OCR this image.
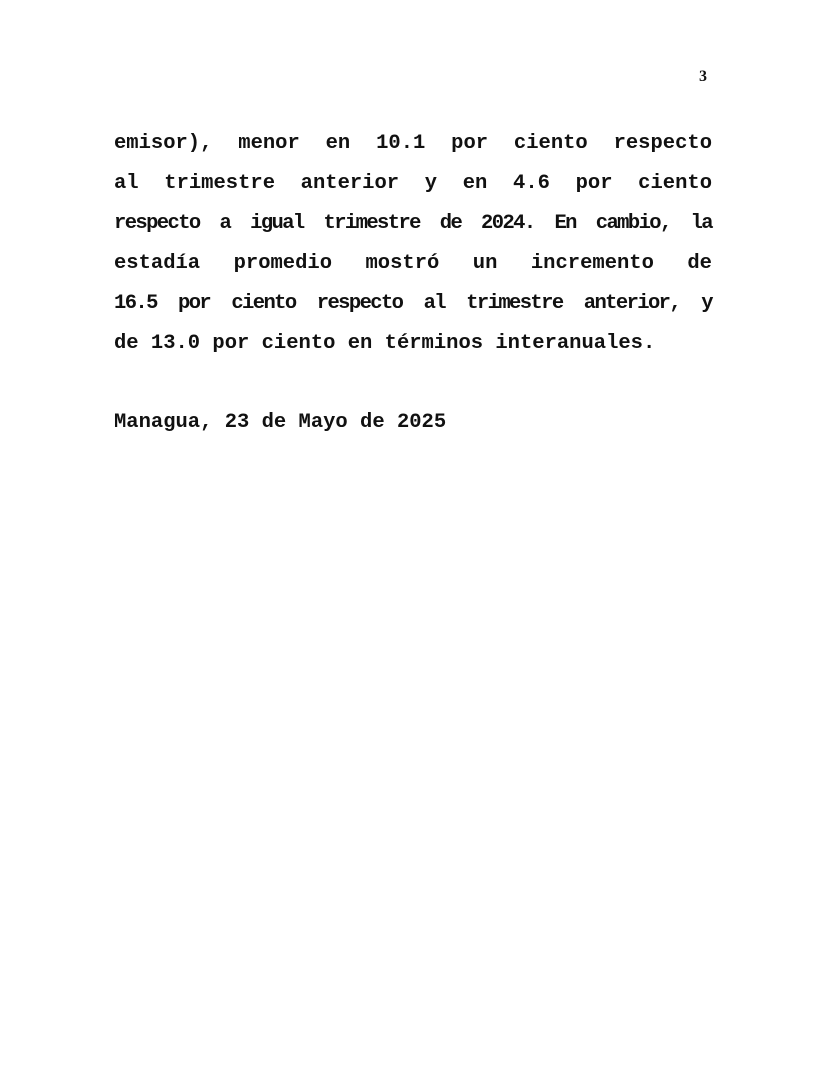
3
emisor), menor en 10.1 por ciento respecto
al trimestre anterior y en 4.6 por ciento
respecto a igual trimestre de 2024. En cambio, la
estadía promedio mostró un incremento de
16.5 por ciento respecto al trimestre anterior, y
de 13.0 por ciento en términos interanuales.
Managua, 23 de Mayo de 2025
